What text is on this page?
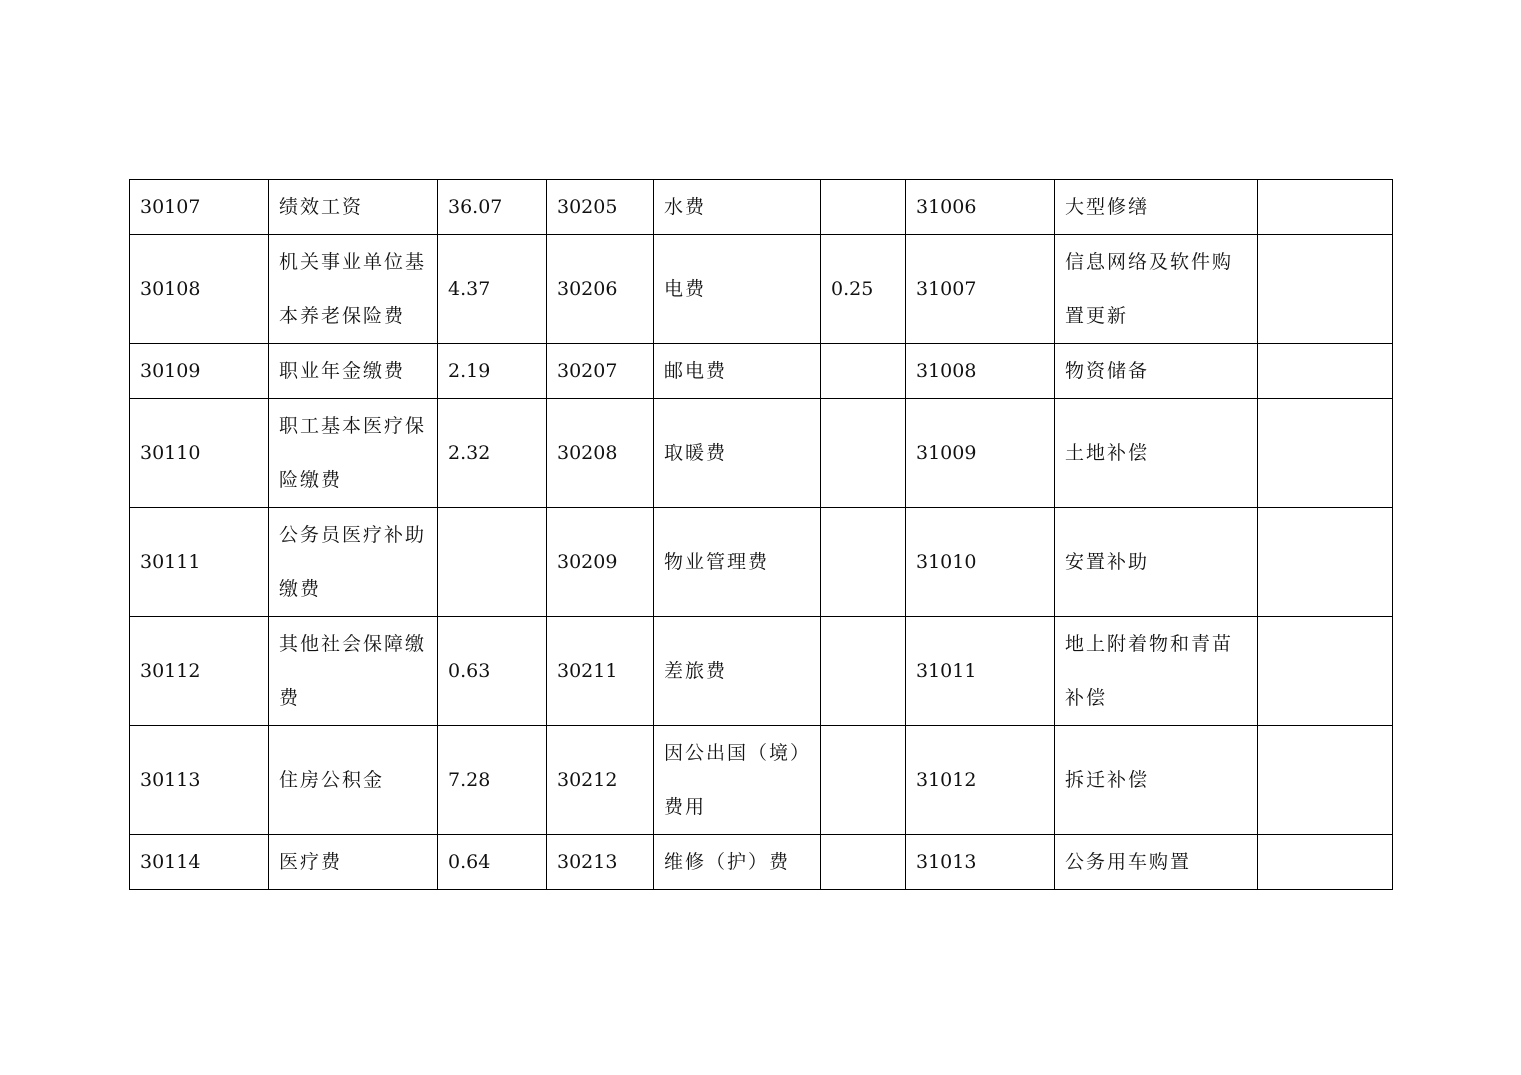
30107	绩效工资	36.07	30205	水费		31006	大型修缮	
30108	机关事业单位基本养老保险费	4.37	30206	电费	0.25	31007	信息网络及软件购置更新	
30109	职业年金缴费	2.19	30207	邮电费		31008	物资储备	
30110	职工基本医疗保险缴费	2.32	30208	取暖费		31009	土地补偿	
30111	公务员医疗补助缴费		30209	物业管理费		31010	安置补助	
30112	其他社会保障缴费	0.63	30211	差旅费		31011	地上附着物和青苗补偿	
30113	住房公积金	7.28	30212	因公出国（境）费用		31012	拆迁补偿	
30114	医疗费	0.64	30213	维修（护）费		31013	公务用车购置	
